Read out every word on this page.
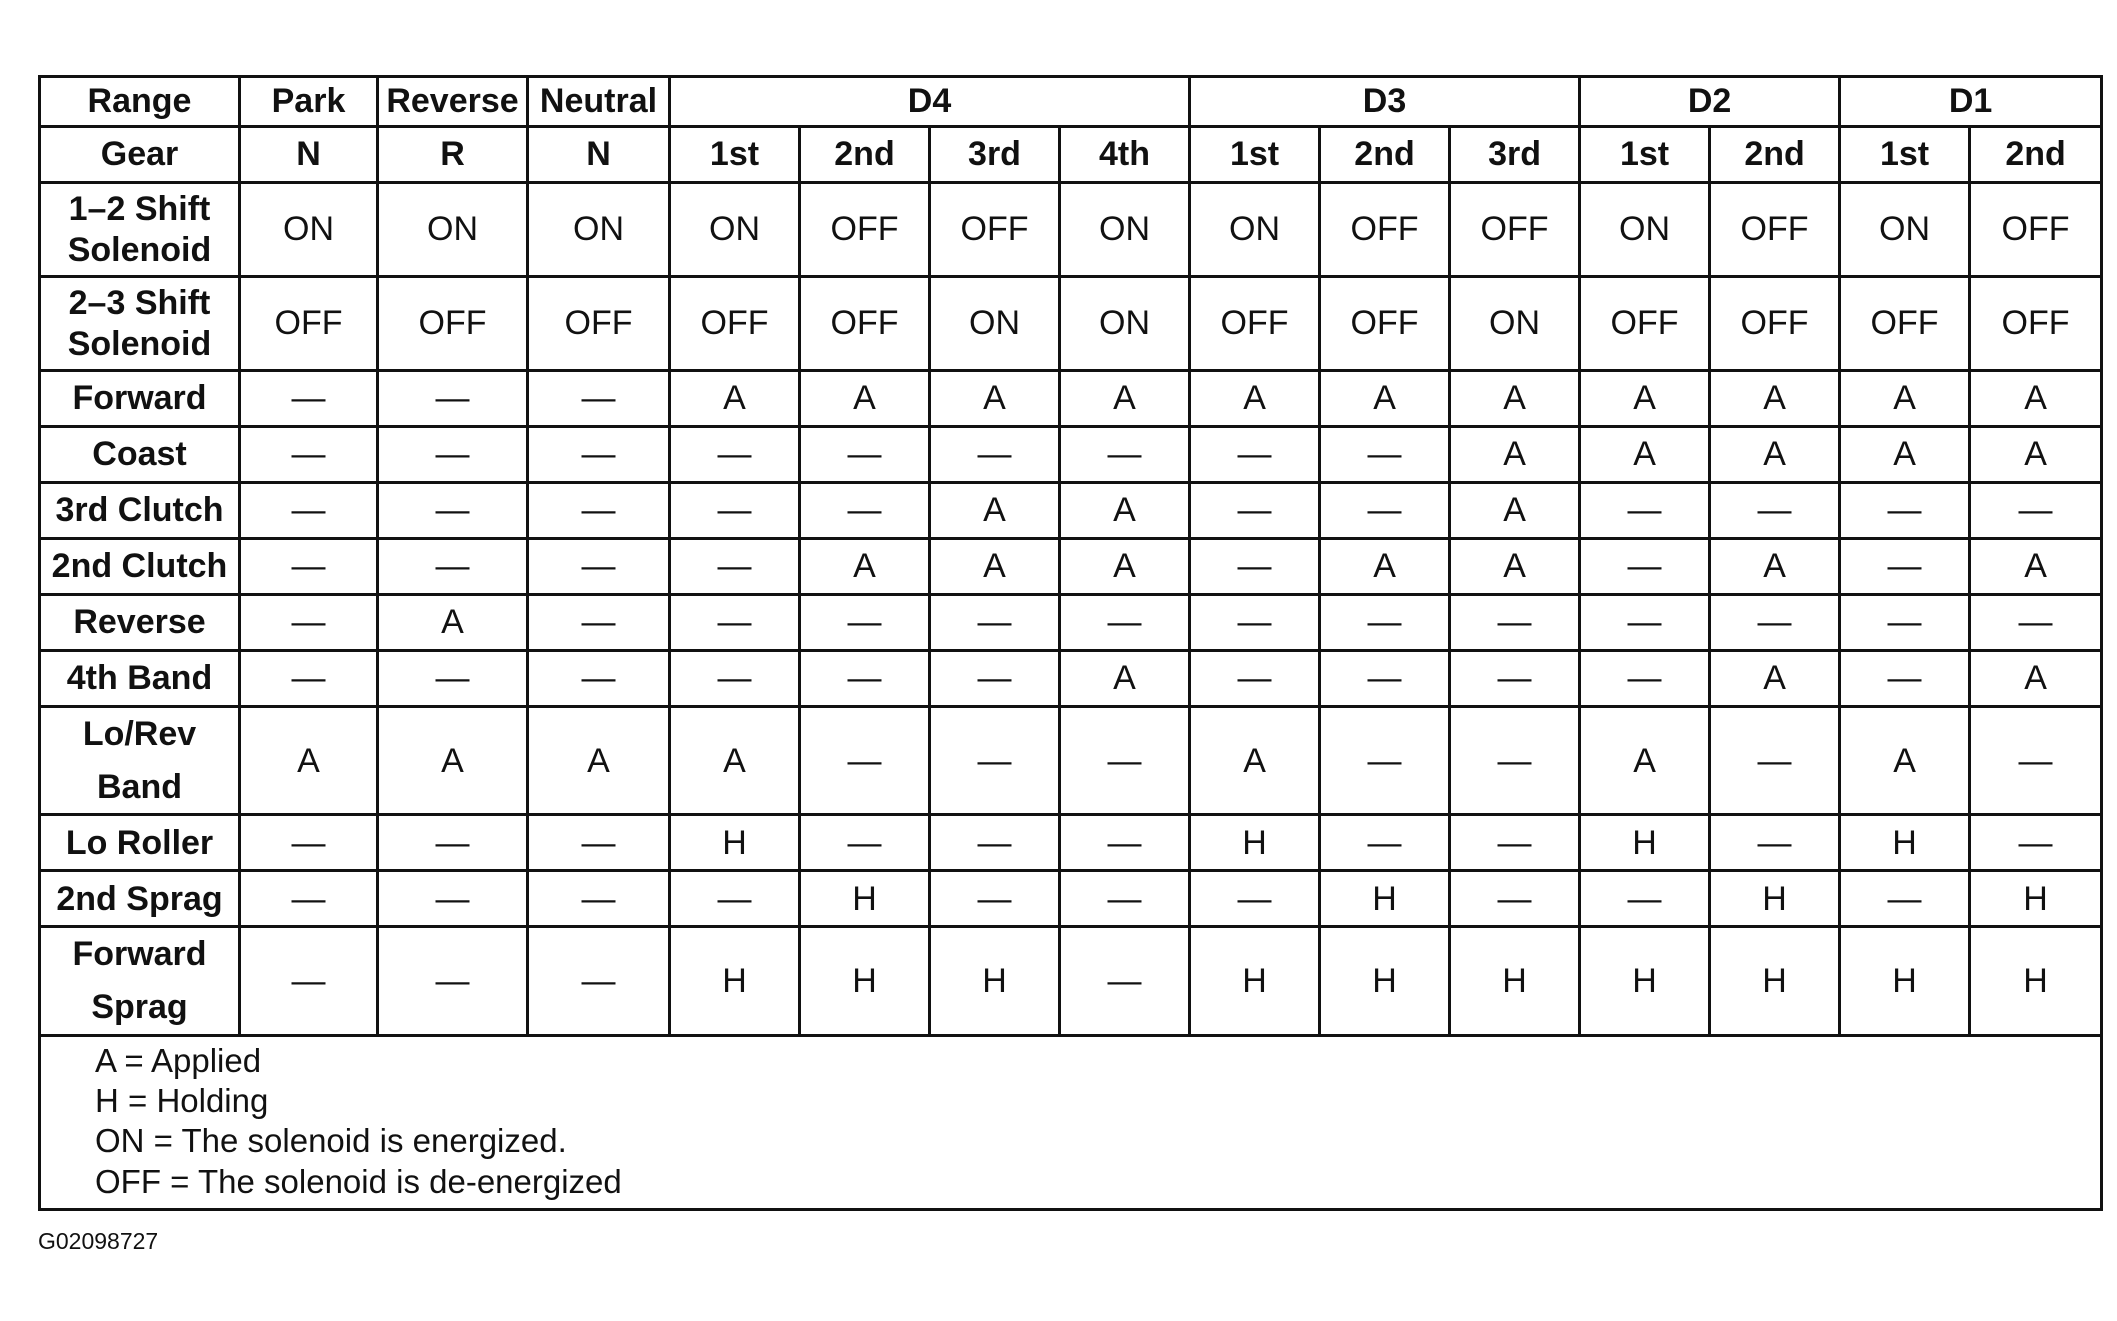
Range	Park	Reverse	Neutral	D4				D3			D2		D1	
Gear	N	R	N	1st	2nd	3rd	4th	1st	2nd	3rd	1st	2nd	1st	2nd

1–2 Shift
Solenoid	ON	ON	ON	ON	OFF	OFF	ON	ON	OFF	OFF	ON	OFF	ON	OFF

2–3 Shift
Solenoid	OFF	OFF	OFF	OFF	OFF	ON	ON	OFF	OFF	ON	OFF	OFF	OFF	OFF

Forward	—	—	—	A	A	A	A	A	A	A	A	A	A	A

Coast	—	—	—	—	—	—	—	—	—	A	A	A	A	A

3rd Clutch	—	—	—	—	—	A	A	—	—	A	—	—	—	—

2nd Clutch	—	—	—	—	A	A	A	—	A	A	—	A	—	A

Reverse	—	A	—	—	—	—	—	—	—	—	—	—	—	—

4th Band	—	—	—	—	—	—	A	—	—	—	—	A	—	A

Lo/Rev
Band	A	A	A	A	—	—	—	A	—	—	A	—	A	—

Lo Roller	—	—	—	H	—	—	—	H	—	—	H	—	H	—

2nd Sprag	—	—	—	—	H	—	—	—	H	—	—	H	—	H

Forward
Sprag	—	—	—	H	H	H	—	H	H	H	H	H	H	H

A = Applied
H = Holding
ON = The solenoid is energized.
OFF = The solenoid is de-energized														
G02098727
